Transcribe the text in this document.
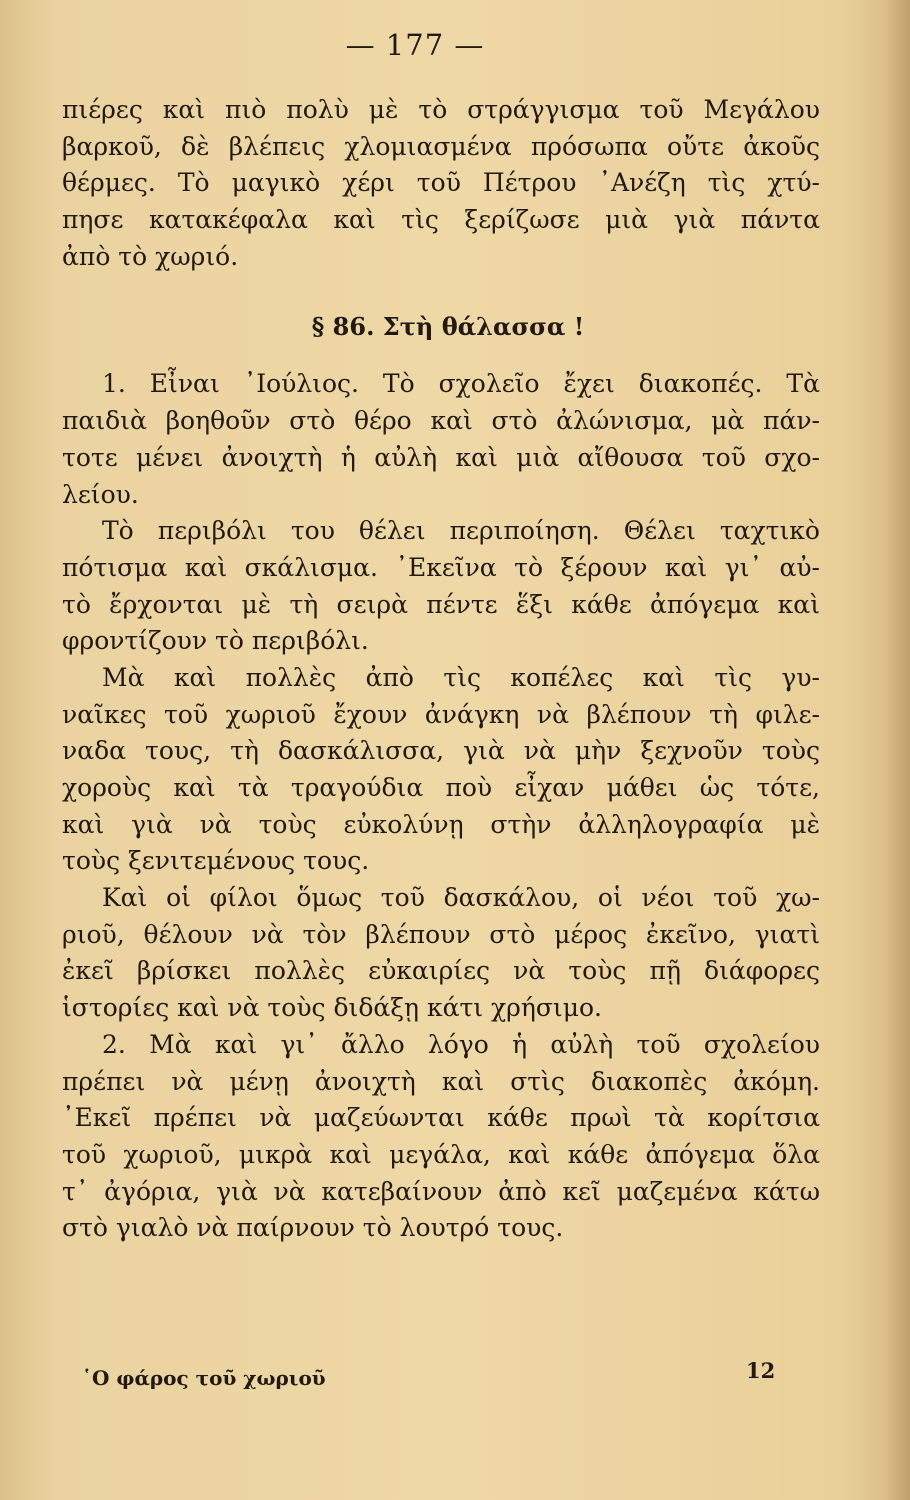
— 177 —
πιέρες καὶ πιὸ πολὺ μὲ τὸ στράγγισμα τοῦ Μεγάλου
βαρκοῦ, δὲ βλέπεις χλομιασμένα πρόσωπα οὔτε ἀκοῦς
θέρμες. Τὸ μαγικὸ χέρι τοῦ Πέτρου ᾿Ανέζη τὶς χτύ-
πησε κατακέφαλα καὶ τὶς ξερίζωσε μιὰ γιὰ πάντα
ἀπὸ τὸ χωριό.
§ 86. Στὴ θάλασσα !
1. Εἶναι ᾿Ιούλιος. Τὸ σχολεῖο ἔχει διακοπές. Τὰ
παιδιὰ βοηθοῦν στὸ θέρο καὶ στὸ ἀλώνισμα, μὰ πάν-
τοτε μένει ἀνοιχτὴ ἡ αὐλὴ καὶ μιὰ αἴθουσα τοῦ σχο-
λείου.
Τὸ περιβόλι του θέλει περιποίηση. Θέλει ταχτικὸ
πότισμα καὶ σκάλισμα. ᾿Εκεῖνα τὸ ξέρουν καὶ γι᾿ αὐ-
τὸ ἔρχονται μὲ τὴ σειρὰ πέντε ἕξι κάθε ἀπόγεμα καὶ
φροντίζουν τὸ περιβόλι.
Μὰ καὶ πολλὲς ἀπὸ τὶς κοπέλες καὶ τὶς γυ-
ναῖκες τοῦ χωριοῦ ἔχουν ἀνάγκη νὰ βλέπουν τὴ φιλε-
ναδα τους, τὴ δασκάλισσα, γιὰ νὰ μὴν ξεχνοῦν τοὺς
χοροὺς καὶ τὰ τραγούδια ποὺ εἶχαν μάθει ὡς τότε,
καὶ γιὰ νὰ τοὺς εὐκολύνῃ στὴν ἀλληλογραφία μὲ
τοὺς ξενιτεμένους τους.
Καὶ οἱ φίλοι ὅμως τοῦ δασκάλου, οἱ νέοι τοῦ χω-
ριοῦ, θέλουν νὰ τὸν βλέπουν στὸ μέρος ἐκεῖνο, γιατὶ
ἐκεῖ βρίσκει πολλὲς εὐκαιρίες νὰ τοὺς πῇ διάφορες
ἱστορίες καὶ νὰ τοὺς διδάξῃ κάτι χρήσιμο.
2. Μὰ καὶ γι᾿ ἄλλο λόγο ἡ αὐλὴ τοῦ σχολείου
πρέπει νὰ μένῃ ἀνοιχτὴ καὶ στὶς διακοπὲς ἀκόμη.
᾿Εκεῖ πρέπει νὰ μαζεύωνται κάθε πρωὶ τὰ κορίτσια
τοῦ χωριοῦ, μικρὰ καὶ μεγάλα, καὶ κάθε ἀπόγεμα ὅλα
τ᾿ ἀγόρια, γιὰ νὰ κατεβαίνουν ἀπὸ κεῖ μαζεμένα κάτω
στὸ γιαλὸ νὰ παίρνουν τὸ λουτρό τους.
῾Ο φάρος τοῦ χωριοῦ	12
